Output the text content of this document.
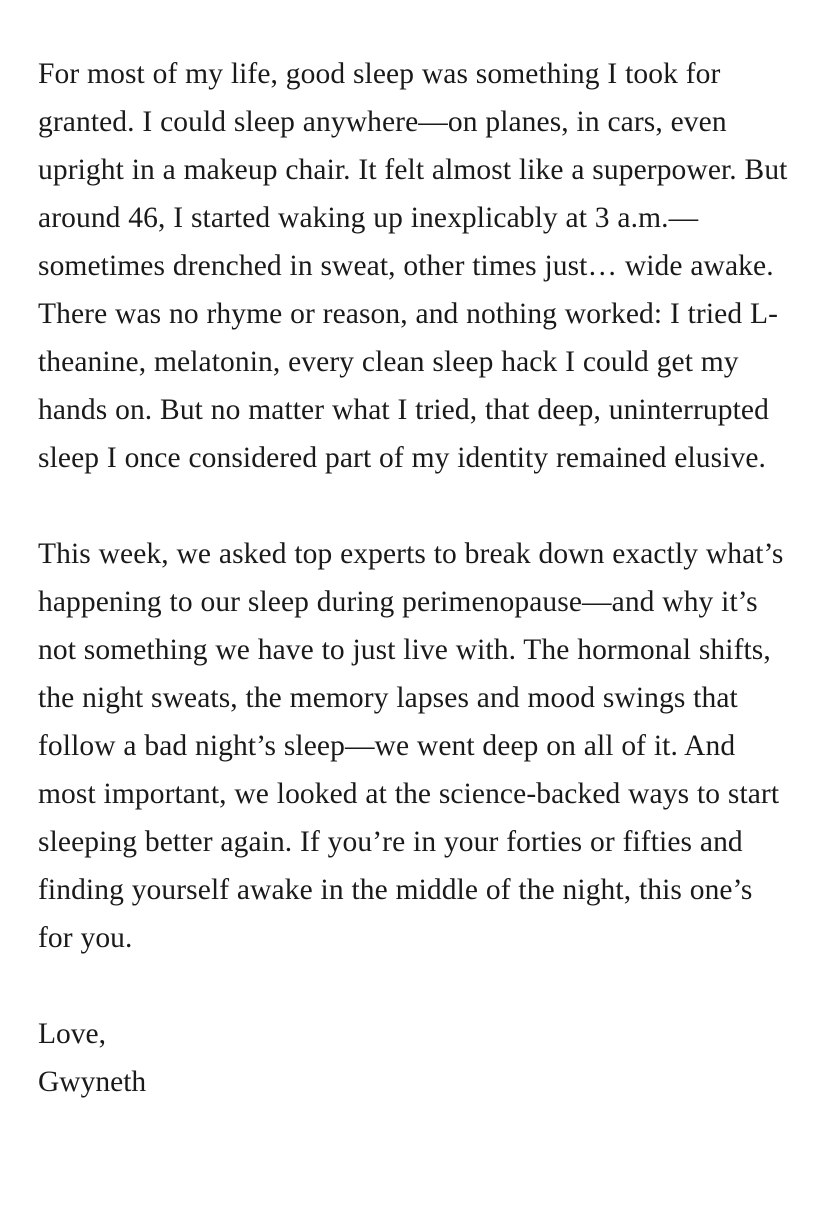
For most of my life, good sleep was something I took for granted. I could sleep anywhere—on planes, in cars, even upright in a makeup chair. It felt almost like a superpower. But around 46, I started waking up inexplicably at 3 a.m.—sometimes drenched in sweat, other times just… wide awake. There was no rhyme or reason, and nothing worked: I tried L-theanine, melatonin, every clean sleep hack I could get my hands on. But no matter what I tried, that deep, uninterrupted sleep I once considered part of my identity remained elusive.

This week, we asked top experts to break down exactly what’s happening to our sleep during perimenopause—and why it’s not something we have to just live with. The hormonal shifts, the night sweats, the memory lapses and mood swings that follow a bad night’s sleep—we went deep on all of it. And most important, we looked at the science-backed ways to start sleeping better again. If you’re in your forties or fifties and finding yourself awake in the middle of the night, this one’s for you.

Love,
Gwyneth
